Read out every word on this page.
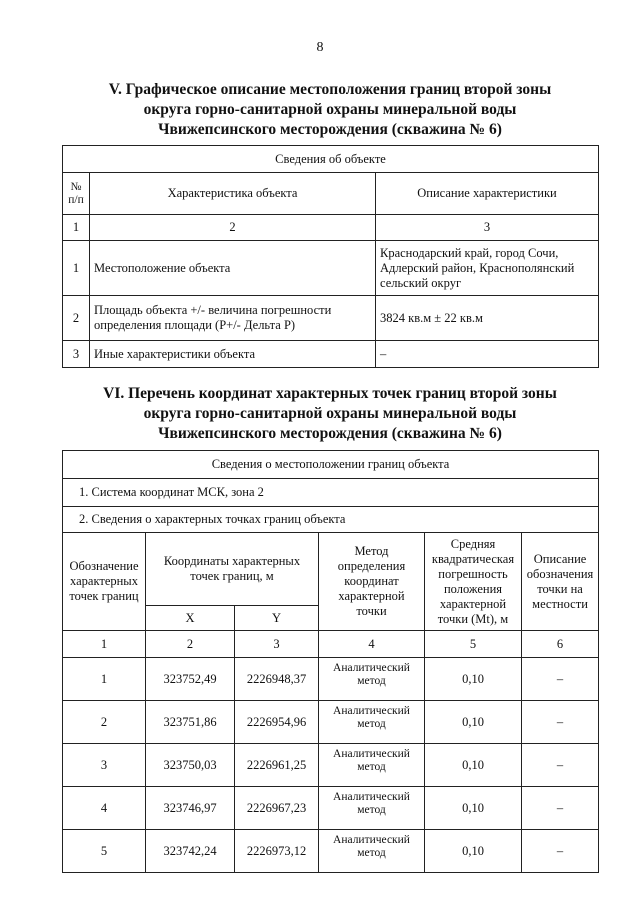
8
V. Графическое описание местоположения границ второй зоны
округа горно-санитарной охраны минеральной воды
Чвижепсинского месторождения (скважина № 6)
Сведения об объекте		
№ п/п	Характеристика объекта	Описание характеристики
1	2	3
1	Местоположение объекта	Краснодарский край, город Сочи, Адлерский район, Краснополянский сельский округ
2	Площадь объекта +/- величина погрешности определения площади (P+/- Дельта P)	3824 кв.м ± 22 кв.м
3	Иные характеристики объекта	–
VI. Перечень координат характерных точек границ второй зоны
округа горно-санитарной охраны минеральной воды
Чвижепсинского месторождения (скважина № 6)
Сведения о местоположении границ объекта					
1. Система координат МСК, зона 2					
2. Сведения о характерных точках границ объекта					
Обозначение характерных точек границ	Координаты характерных точек границ, м		Метод определения координат характерной точки	Средняя квадратическая погрешность положения характерной точки (Mt), м	Описание обозначения точки на местности
	X	Y			
1	2	3	4	5	6
1	323752,49	2226948,37	Аналитический метод	0,10	–
2	323751,86	2226954,96	Аналитический метод	0,10	–
3	323750,03	2226961,25	Аналитический метод	0,10	–
4	323746,97	2226967,23	Аналитический метод	0,10	–
5	323742,24	2226973,12	Аналитический метод	0,10	–
